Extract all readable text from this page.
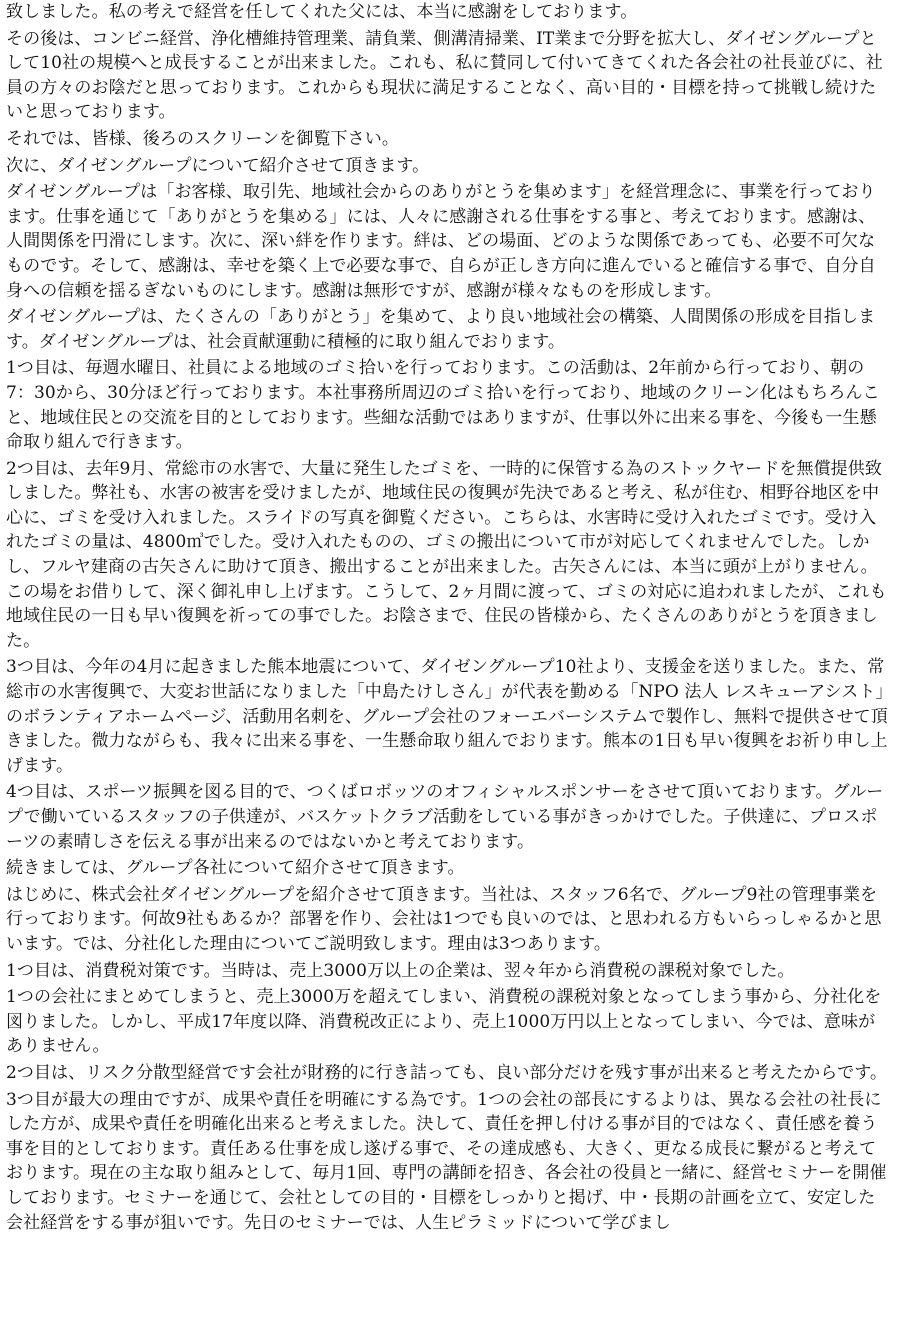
致しました。私の考えで経営を任してくれた父には、本当に感謝をしております。

その後は、コンビニ経営、浄化槽維持管理業、請負業、側溝清掃業、IT業まで分野を拡大し、ダイゼングループとして10社の規模へと成長することが出来ました。これも、私に賛同して付いてきてくれた各会社の社長並びに、社員の方々のお陰だと思っております。これからも現状に満足することなく、高い目的・目標を持って挑戦し続けたいと思っております。

それでは、皆様、後ろのスクリーンを御覧下さい。

次に、ダイゼングループについて紹介させて頂きます。

ダイゼングループは「お客様、取引先、地域社会からのありがとうを集めます」を経営理念に、事業を行っております。仕事を通じて「ありがとうを集める」には、人々に感謝される仕事をする事と、考えております。感謝は、人間関係を円滑にします。次に、深い絆を作ります。絆は、どの場面、どのような関係であっても、必要不可欠なものです。そして、感謝は、幸せを築く上で必要な事で、自らが正しき方向に進んでいると確信する事で、自分自身への信頼を揺るぎないものにします。感謝は無形ですが、感謝が様々なものを形成します。

ダイゼングループは、たくさんの「ありがとう」を集めて、より良い地域社会の構築、人間関係の形成を目指します。ダイゼングループは、社会貢献運動に積極的に取り組んでおります。

1つ目は、毎週水曜日、社員による地域のゴミ拾いを行っております。この活動は、2年前から行っており、朝の7：30から、30分ほど行っております。本社事務所周辺のゴミ拾いを行っており、地域のクリーン化はもちろんこと、地域住民との交流を目的としております。些細な活動ではありますが、仕事以外に出来る事を、今後も一生懸命取り組んで行きます。

2つ目は、去年9月、常総市の水害で、大量に発生したゴミを、一時的に保管する為のストックヤードを無償提供致しました。弊社も、水害の被害を受けましたが、地域住民の復興が先決であると考え、私が住む、相野谷地区を中心に、ゴミを受け入れました。スライドの写真を御覧ください。こちらは、水害時に受け入れたゴミです。受け入れたゴミの量は、4800㎥でした。受け入れたものの、ゴミの搬出について市が対応してくれませんでした。しかし、フルヤ建商の古矢さんに助けて頂き、搬出することが出来ました。古矢さんには、本当に頭が上がりません。この場をお借りして、深く御礼申し上げます。こうして、2ヶ月間に渡って、ゴミの対応に追われましたが、これも地域住民の一日も早い復興を祈っての事でした。お陰さまで、住民の皆様から、たくさんのありがとうを頂きました。

3つ目は、今年の4月に起きました熊本地震について、ダイゼングループ10社より、支援金を送りました。また、常総市の水害復興で、大変お世話になりました「中島たけしさん」が代表を勤める「NPO 法人 レスキューアシスト」のボランティアホームページ、活動用名刺を、グループ会社のフォーエバーシステムで製作し、無料で提供させて頂きました。微力ながらも、我々に出来る事を、一生懸命取り組んでおります。熊本の1日も早い復興をお祈り申し上げます。

4つ目は、スポーツ振興を図る目的で、つくばロボッツのオフィシャルスポンサーをさせて頂いております。グループで働いているスタッフの子供達が、バスケットクラブ活動をしている事がきっかけでした。子供達に、プロスポーツの素晴しさを伝える事が出来るのではないかと考えております。

続きましては、グループ各社について紹介させて頂きます。

はじめに、株式会社ダイゼングループを紹介させて頂きます。当社は、スタッフ6名で、グループ9社の管理事業を行っております。何故9社もあるか？部署を作り、会社は1つでも良いのでは、と思われる方もいらっしゃるかと思います。では、分社化した理由についてご説明致します。理由は3つあります。

1つ目は、消費税対策です。当時は、売上3000万以上の企業は、翌々年から消費税の課税対象でした。

1つの会社にまとめてしまうと、売上3000万を超えてしまい、消費税の課税対象となってしまう事から、分社化を図りました。しかし、平成17年度以降、消費税改正により、売上1000万円以上となってしまい、今では、意味がありません。

2つ目は、リスク分散型経営です会社が財務的に行き詰っても、良い部分だけを残す事が出来ると考えたからです。

3つ目が最大の理由ですが、成果や責任を明確にする為です。1つの会社の部長にするよりは、異なる会社の社長にした方が、成果や責任を明確化出来ると考えました。決して、責任を押し付ける事が目的ではなく、責任感を養う事を目的としております。責任ある仕事を成し遂げる事で、その達成感も、大きく、更なる成長に繋がると考えております。現在の主な取り組みとして、毎月1回、専門の講師を招き、各会社の役員と一緒に、経営セミナーを開催しております。セミナーを通じて、会社としての目的・目標をしっかりと掲げ、中・長期の計画を立て、安定した会社経営をする事が狙いです。先日のセミナーでは、人生ピラミッドについて学びまし
